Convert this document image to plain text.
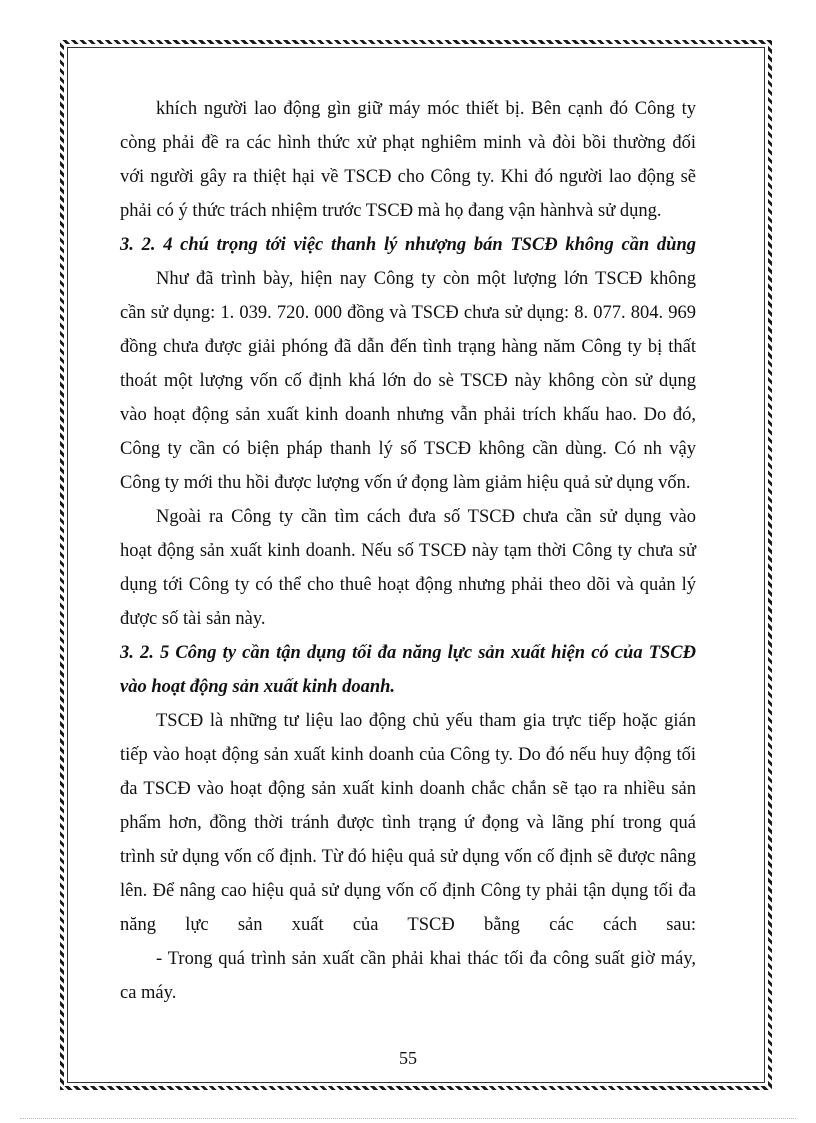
khích người lao động gìn giữ máy móc thiết bị. Bên cạnh đó Công ty
còng phải đề ra các hình thức xử phạt nghiêm minh và đòi bồi thường đối
với người gây ra thiệt hại về TSCĐ cho Công ty. Khi đó người lao động sẽ
phải có ý thức trách nhiệm trước TSCĐ mà họ đang vận hànhvà sử dụng.
3. 2. 4 chú trọng tới việc thanh lý nhượng bán TSCĐ không cần dùng
Như đã trình bày, hiện nay Công ty còn một lượng lớn TSCĐ không
cần sử dụng: 1. 039. 720. 000 đồng và TSCĐ chưa sử dụng: 8. 077. 804. 969
đồng chưa được giải phóng đã dẫn đến tình trạng hàng năm Công ty bị thất
thoát một lượng vốn cố định khá lớn do sè TSCĐ này không còn sử dụng
vào hoạt động sản xuất kinh doanh nhưng vẫn phải trích khấu hao. Do đó,
Công ty cần có biện pháp thanh lý số TSCĐ không cần dùng. Có nh vậy
Công ty mới thu hồi được lượng vốn ứ đọng làm giảm hiệu quả sử dụng vốn.
Ngoài ra Công ty cần tìm cách đưa số TSCĐ chưa cần sử dụng vào
hoạt động sản xuất kinh doanh. Nếu số TSCĐ này tạm thời Công ty chưa sử
dụng tới Công ty có thể cho thuê hoạt động nhưng phải theo dõi và quản lý
được số tài sản này.
3. 2. 5 Công ty cần tận dụng tối đa năng lực sản xuất hiện có của TSCĐ
vào hoạt động sản xuất kinh doanh.
TSCĐ là những tư liệu lao động chủ yếu tham gia trực tiếp hoặc gián
tiếp vào hoạt động sản xuất kinh doanh của Công ty. Do đó nếu huy động tối
đa TSCĐ vào hoạt động sản xuất kinh doanh chắc chắn sẽ tạo ra nhiều sản
phẩm hơn, đồng thời tránh được tình trạng ứ đọng và lãng phí trong quá
trình sử dụng vốn cố định. Từ đó hiệu quả sử dụng vốn cố định sẽ được nâng
lên. Để nâng cao hiệu quả sử dụng vốn cố định Công ty phải tận dụng tối đa
năng lực sản xuất của TSCĐ bằng các cách sau:
- Trong quá trình sản xuất cần phải khai thác tối đa công suất giờ máy,
ca máy.
55
